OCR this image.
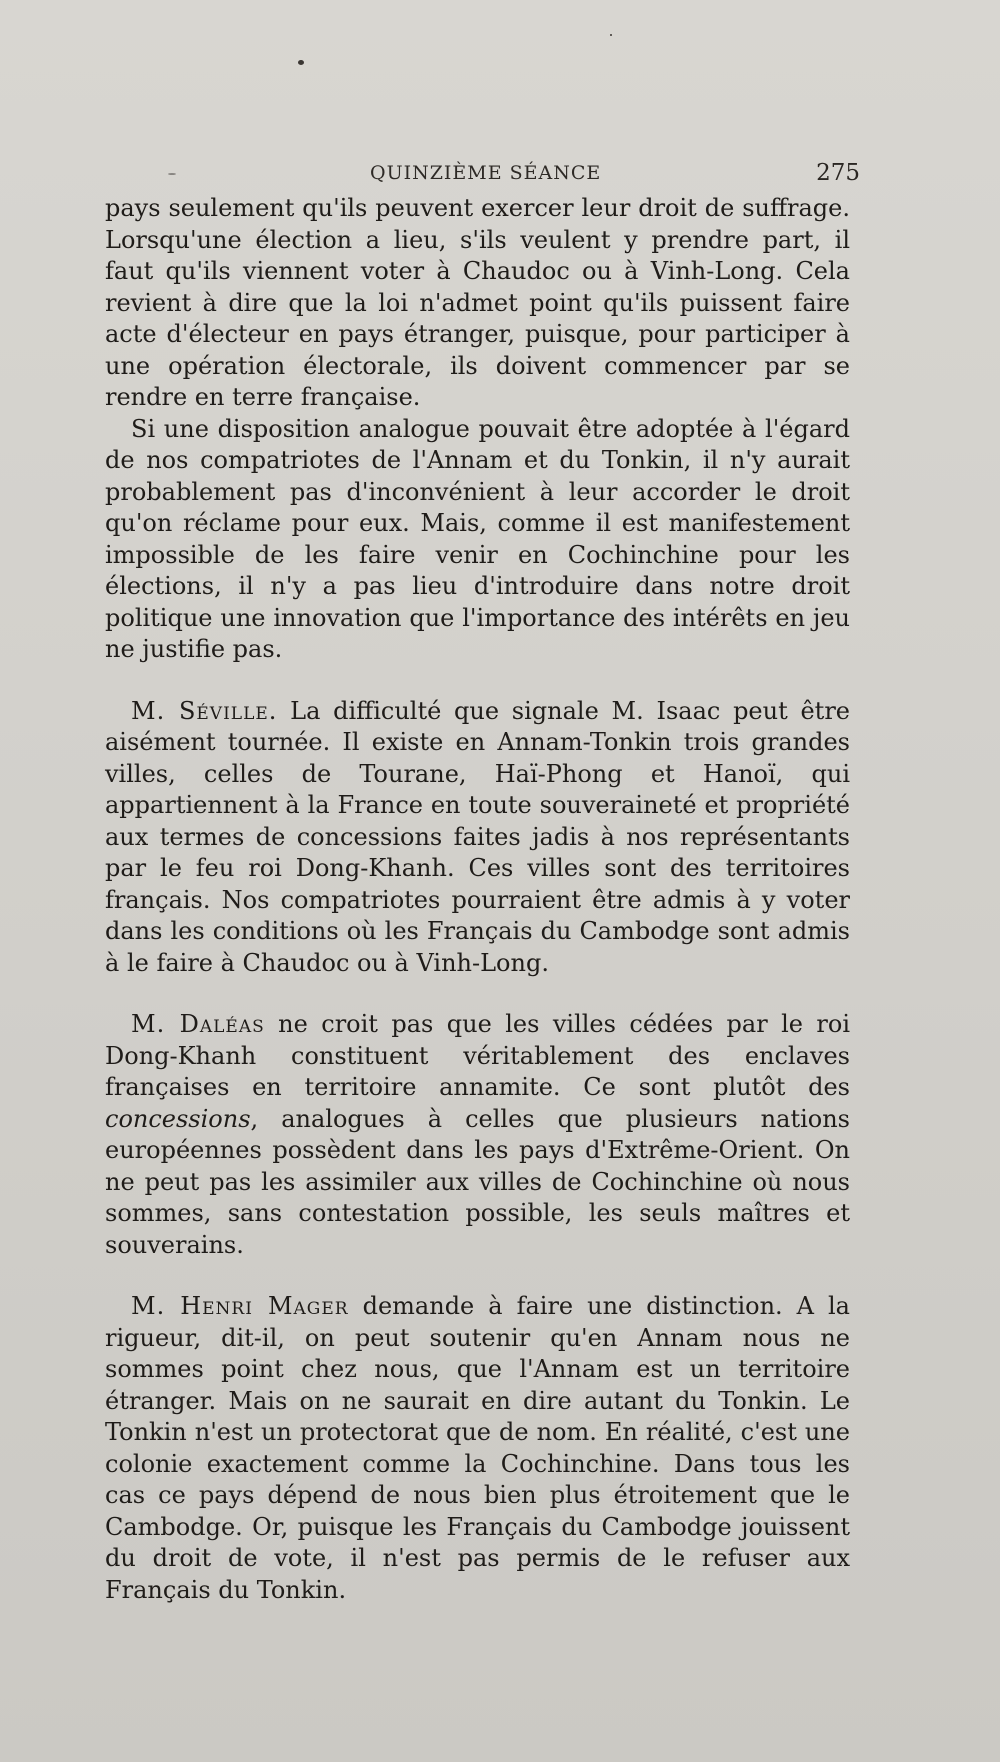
QUINZIÈME SÉANCE	275

pays seulement qu'ils peuvent exercer leur droit de suffrage. Lorsqu'une élection a lieu, s'ils veulent y prendre part, il faut qu'ils viennent voter à Chaudoc ou à Vinh-Long. Cela revient à dire que la loi n'admet point qu'ils puissent faire acte d'électeur en pays étranger, puisque, pour participer à une opération électorale, ils doivent commencer par se rendre en terre française.

Si une disposition analogue pouvait être adoptée à l'égard de nos compatriotes de l'Annam et du Tonkin, il n'y aurait probablement pas d'inconvénient à leur accorder le droit qu'on réclame pour eux. Mais, comme il est manifestement impossible de les faire venir en Cochinchine pour les élections, il n'y a pas lieu d'introduire dans notre droit politique une innovation que l'importance des intérêts en jeu ne justifie pas.

M. Séville. La difficulté que signale M. Isaac peut être aisément tournée. Il existe en Annam-Tonkin trois grandes villes, celles de Tourane, Haï-Phong et Hanoï, qui appartiennent à la France en toute souveraineté et propriété aux termes de concessions faites jadis à nos représentants par le feu roi Dong-Khanh. Ces villes sont des territoires français. Nos compatriotes pourraient être admis à y voter dans les conditions où les Français du Cambodge sont admis à le faire à Chaudoc ou à Vinh-Long.

M. Daléas ne croit pas que les villes cédées par le roi Dong-Khanh constituent véritablement des enclaves françaises en territoire annamite. Ce sont plutôt des concessions, analogues à celles que plusieurs nations européennes possèdent dans les pays d'Extrême-Orient. On ne peut pas les assimiler aux villes de Cochinchine où nous sommes, sans contestation possible, les seuls maîtres et souverains.

M. Henri Mager demande à faire une distinction. A la rigueur, dit-il, on peut soutenir qu'en Annam nous ne sommes point chez nous, que l'Annam est un territoire étranger. Mais on ne saurait en dire autant du Tonkin. Le Tonkin n'est un protectorat que de nom. En réalité, c'est une colonie exactement comme la Cochinchine. Dans tous les cas ce pays dépend de nous bien plus étroitement que le Cambodge. Or, puisque les Français du Cambodge jouissent du droit de vote, il n'est pas permis de le refuser aux Français du Tonkin.
